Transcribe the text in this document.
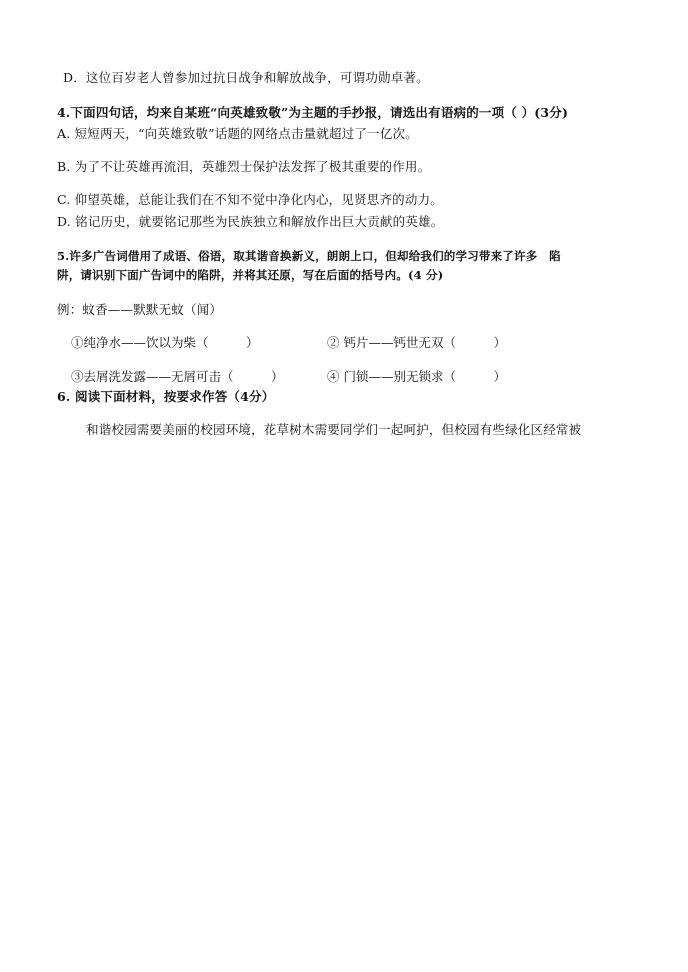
D．这位百岁老人曾参加过抗日战争和解放战争，可谓功勋卓著。
4.下面四句话，均来自某班“向英雄致敬”为主题的手抄报，请选出有语病的一项（ ）(3分)
A. 短短两天，“向英雄致敬”话题的网络点击量就超过了一亿次。
B. 为了不让英雄再流泪，英雄烈士保护法发挥了极其重要的作用。
C. 仰望英雄，总能让我们在不知不觉中净化内心，见贤思齐的动力。
D. 铭记历史，就要铭记那些为民族独立和解放作出巨大贡献的英雄。
5.许多广告词借用了成语、俗语，取其谐音换新义，朗朗上口，但却给我们的学习带来了许多　陷
阱，请识别下面广告词中的陷阱，并将其还原，写在后面的括号内。(4 分)
例：蚊香——默默无蚊（闻）
①纯净水——饮以为柴（　　　）	② 钙片——钙世无双（　　　）
③去屑洗发露——无屑可击（　　　）	④ 门锁——别无锁求（　　　）
6. 阅读下面材料，按要求作答（4分）
和谐校园需要美丽的校园环境，花草树木需要同学们一起呵护，但校园有些绿化区经常被
